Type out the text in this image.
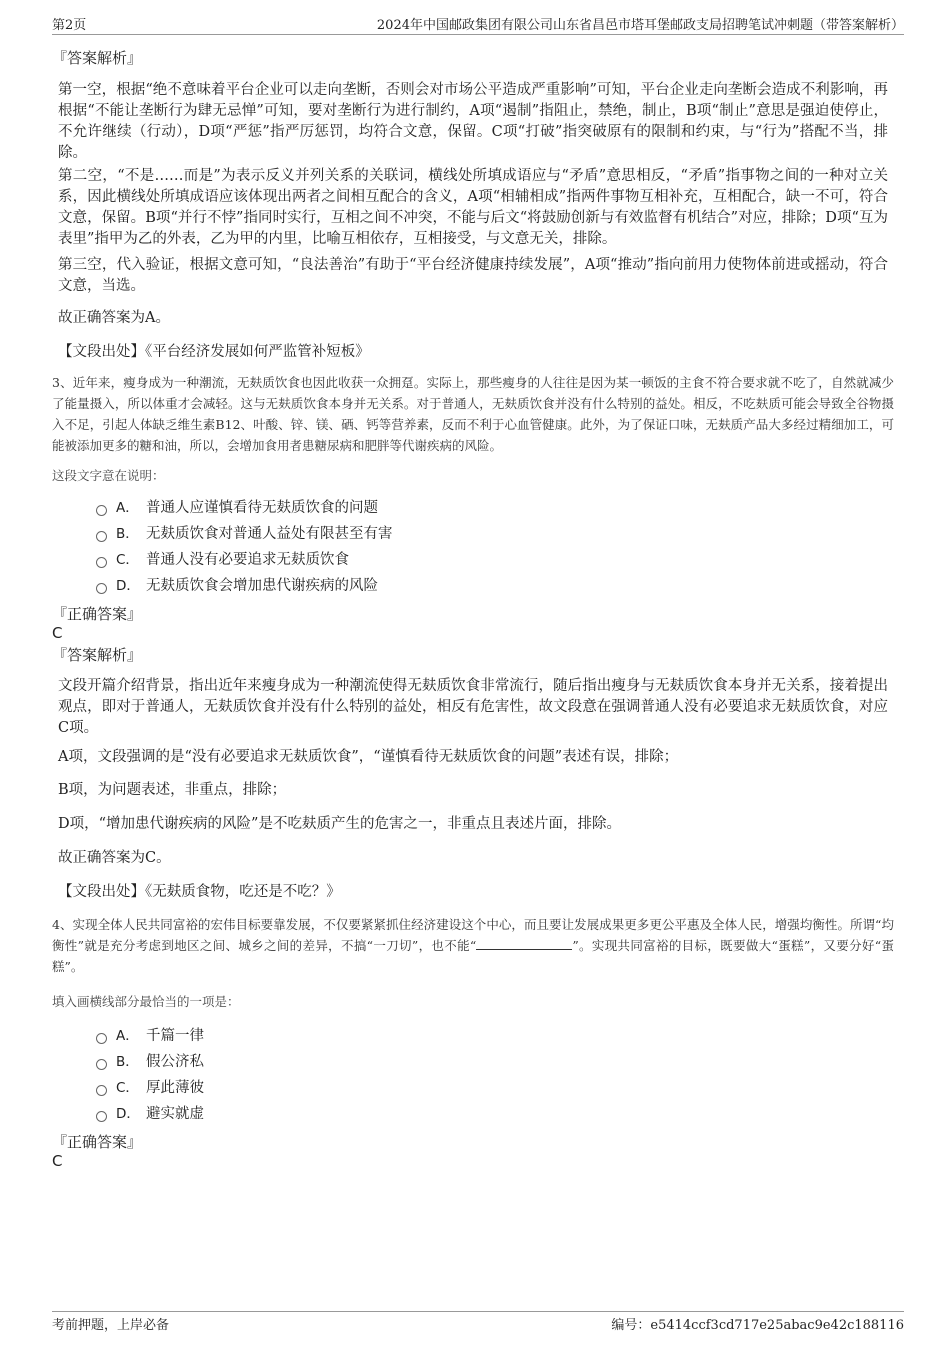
第2页	2024年中国邮政集团有限公司山东省昌邑市塔耳堡邮政支局招聘笔试冲刺题（带答案解析）
『答案解析』
第一空，根据“绝不意味着平台企业可以走向垄断，否则会对市场公平造成严重影响”可知，平台企业走向垄断会造成不利影响，再根据“不能让垄断行为肆无忌惮”可知，要对垄断行为进行制约，A项“遏制”指阻止，禁绝，制止，B项“制止”意思是强迫使停止，不允许继续（行动），D项“严惩”指严厉惩罚，均符合文意，保留。C项“打破”指突破原有的限制和约束，与“行为”搭配不当，排除。
第二空，“不是……而是”为表示反义并列关系的关联词，横线处所填成语应与“矛盾”意思相反，“矛盾”指事物之间的一种对立关系，因此横线处所填成语应该体现出两者之间相互配合的含义，A项“相辅相成”指两件事物互相补充，互相配合，缺一不可，符合文意，保留。B项“并行不悖”指同时实行，互相之间不冲突，不能与后文“将鼓励创新与有效监督有机结合”对应，排除；D项“互为表里”指甲为乙的外表，乙为甲的内里，比喻互相依存，互相接受，与文意无关，排除。
第三空，代入验证，根据文意可知，“良法善治”有助于“平台经济健康持续发展”，A项“推动”指向前用力使物体前进或摇动，符合文意，当选。
故正确答案为A。
【文段出处】《平台经济发展如何严监管补短板》
3、近年来，瘦身成为一种潮流，无麸质饮食也因此收获一众拥趸。实际上，那些瘦身的人往往是因为某一顿饭的主食不符合要求就不吃了，自然就减少了能量摄入，所以体重才会减轻。这与无麸质饮食本身并无关系。对于普通人，无麸质饮食并没有什么特别的益处。相反，不吃麸质可能会导致全谷物摄入不足，引起人体缺乏维生素B12、叶酸、锌、镁、硒、钙等营养素，反而不利于心血管健康。此外，为了保证口味，无麸质产品大多经过精细加工，可能被添加更多的糖和油，所以，会增加食用者患糖尿病和肥胖等代谢疾病的风险。
这段文字意在说明：
A． 普通人应谨慎看待无麸质饮食的问题
B． 无麸质饮食对普通人益处有限甚至有害
C． 普通人没有必要追求无麸质饮食
D． 无麸质饮食会增加患代谢疾病的风险
『正确答案』
C
『答案解析』
文段开篇介绍背景，指出近年来瘦身成为一种潮流使得无麸质饮食非常流行，随后指出瘦身与无麸质饮食本身并无关系，接着提出观点，即对于普通人，无麸质饮食并没有什么特别的益处，相反有危害性，故文段意在强调普通人没有必要追求无麸质饮食，对应C项。
A项，文段强调的是“没有必要追求无麸质饮食”，“谨慎看待无麸质饮食的问题”表述有误，排除；
B项，为问题表述，非重点，排除；
D项，“增加患代谢疾病的风险”是不吃麸质产生的危害之一，非重点且表述片面，排除。
故正确答案为C。
【文段出处】《无麸质食物，吃还是不吃？》
4、实现全体人民共同富裕的宏伟目标要靠发展，不仅要紧紧抓住经济建设这个中心，而且要让发展成果更多更公平惠及全体人民，增强均衡性。所谓“均衡性”就是充分考虑到地区之间、城乡之间的差异，不搞“一刀切”，也不能“	”。实现共同富裕的目标，既要做大“蛋糕”，又要分好“蛋糕”。
填入画横线部分最恰当的一项是：
A． 千篇一律
B． 假公济私
C． 厚此薄彼
D． 避实就虚
『正确答案』
C
考前押题，上岸必备	编号：e5414ccf3cd717e25abac9e42c188116
